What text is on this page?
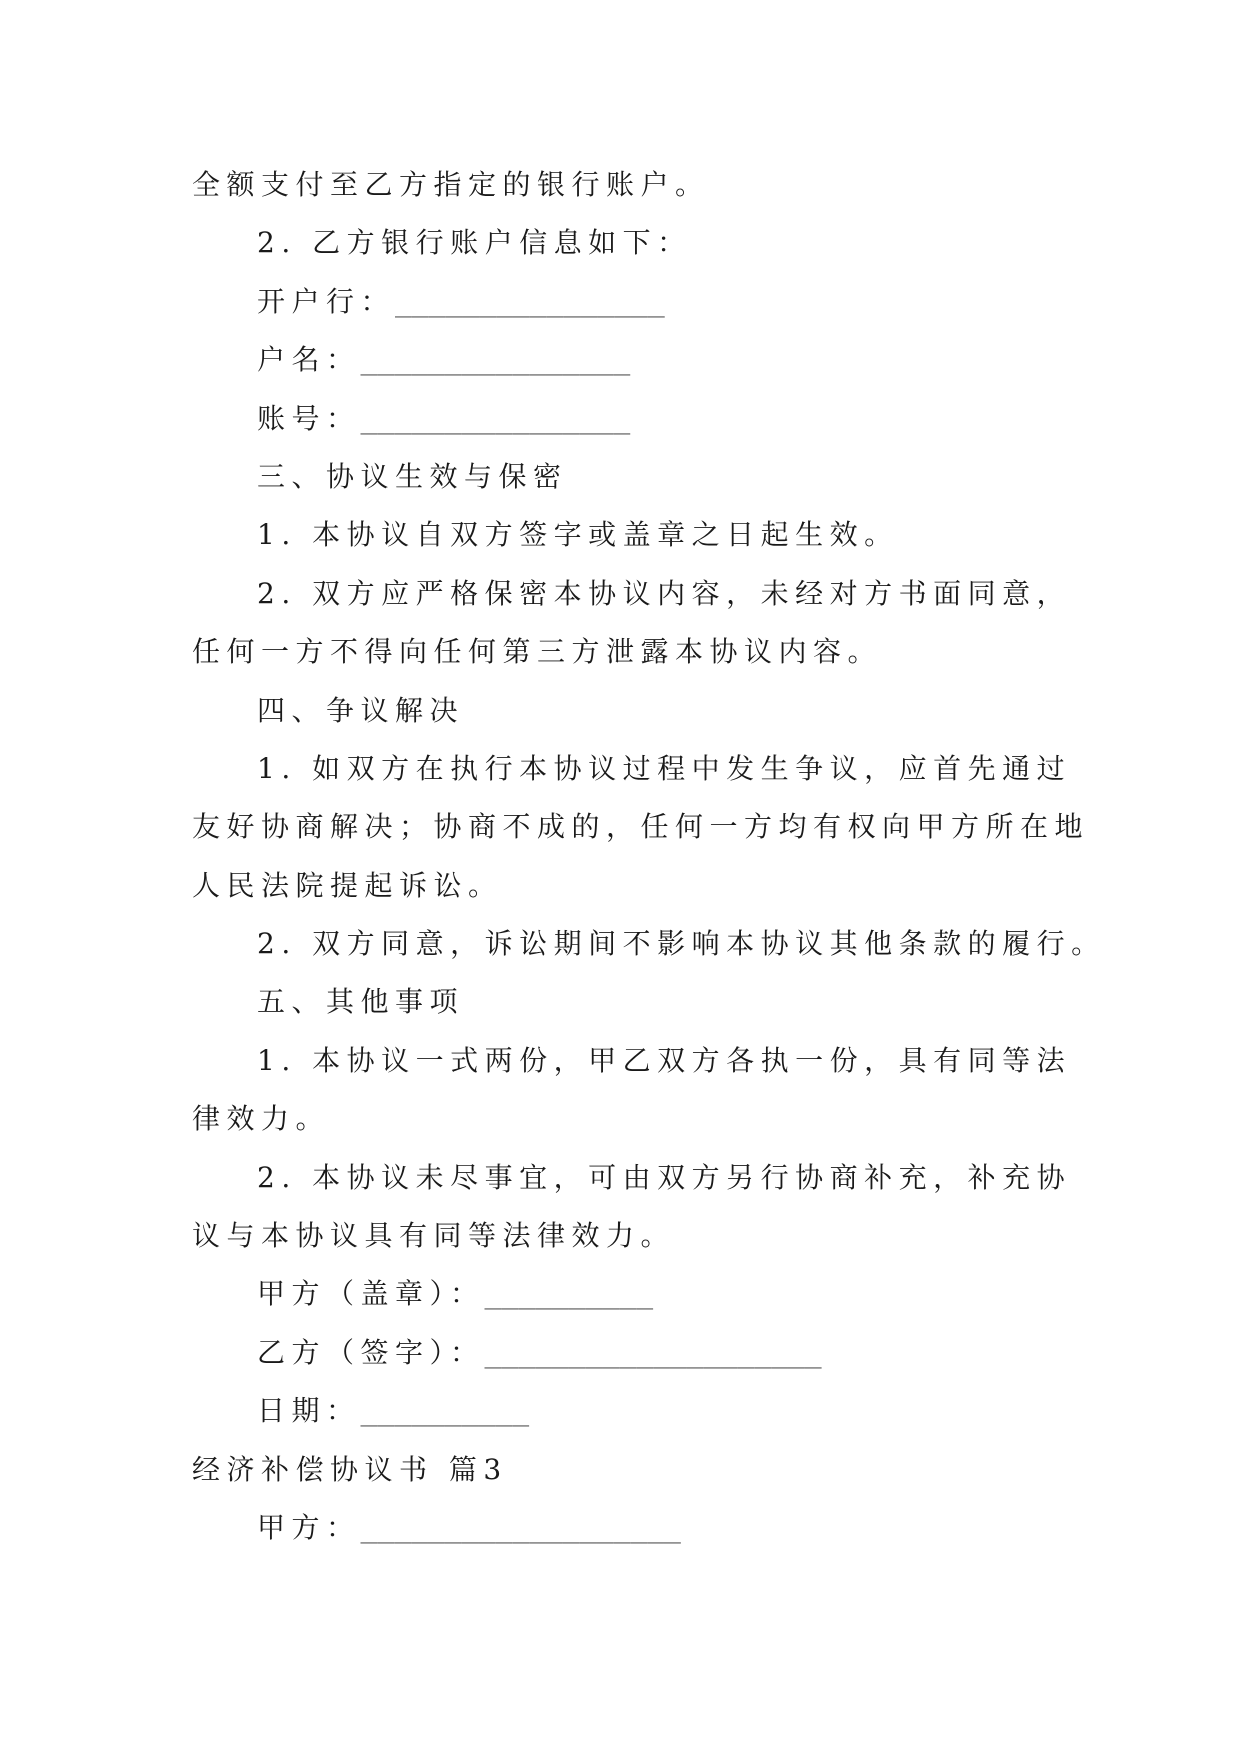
全额支付至乙方指定的银行账户。
2. 乙方银行账户信息如下：
开户行：________________
户名：________________
账号：________________
三、协议生效与保密
1. 本协议自双方签字或盖章之日起生效。
2. 双方应严格保密本协议内容，未经对方书面同意，
任何一方不得向任何第三方泄露本协议内容。
四、争议解决
1. 如双方在执行本协议过程中发生争议，应首先通过
友好协商解决；协商不成的，任何一方均有权向甲方所在地
人民法院提起诉讼。
2. 双方同意，诉讼期间不影响本协议其他条款的履行。
五、其他事项
1. 本协议一式两份，甲乙双方各执一份，具有同等法
律效力。
2. 本协议未尽事宜，可由双方另行协商补充，补充协
议与本协议具有同等法律效力。
甲方（盖章）：__________
乙方（签字）：____________________
日期：__________
经济补偿协议书 篇3
甲方：___________________
